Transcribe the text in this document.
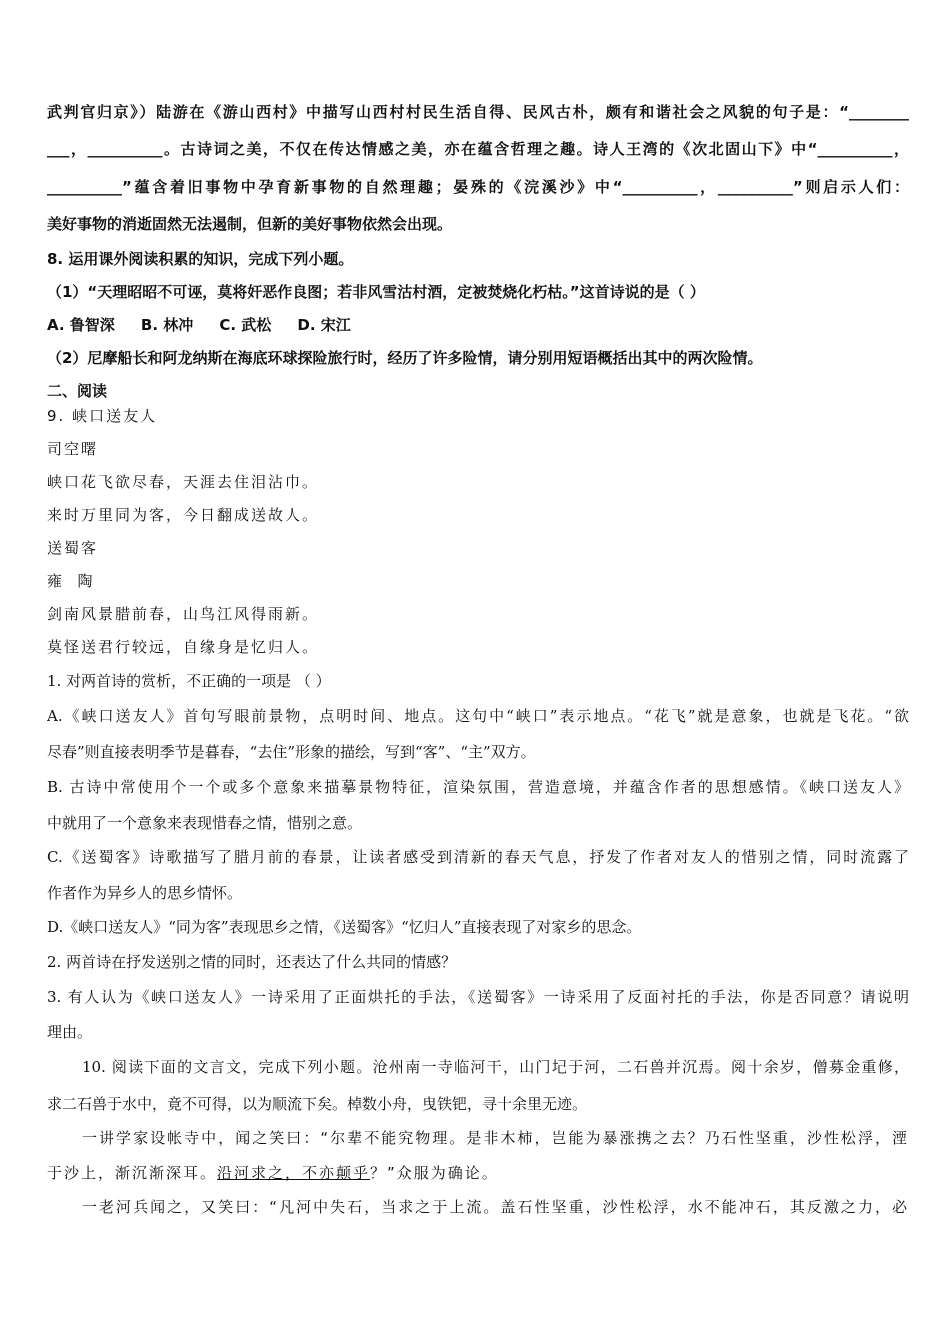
武判官归京》）陆游在《游山西村》中描写山西村村民生活自得、民风古朴，颇有和谐社会之风貌的句子是：“________
___，__________。古诗词之美，不仅在传达情感之美，亦在蕴含哲理之趣。诗人王湾的《次北固山下》中“__________，
__________”蕴含着旧事物中孕育新事物的自然理趣；晏殊的《浣溪沙》中“__________，__________”则启示人们：
美好事物的消逝固然无法遏制，但新的美好事物依然会出现。
8. 运用课外阅读积累的知识，完成下列小题。
（1）“天理昭昭不可诬，莫将奸恶作良图；若非风雪沽村酒，定被焚烧化朽枯。”这首诗说的是（ ）
A. 鲁智深     B. 林冲     C. 武松     D. 宋江
（2）尼摩船长和阿龙纳斯在海底环球探险旅行时，经历了许多险情，请分别用短语概括出其中的两次险情。
二、阅读
9. 峡口送友人
司空曙
峡口花飞欲尽春，天涯去住泪沾巾。
来时万里同为客，今日翻成送故人。
送蜀客
雍  陶
剑南风景腊前春，山鸟江风得雨新。
莫怪送君行较远，自缘身是忆归人。
1. 对两首诗的赏析，不正确的一项是 （ ）
A.《峡口送友人》首句写眼前景物，点明时间、地点。这句中“峡口”表示地点。“花飞”就是意象，也就是飞花。“欲
尽春”则直接表明季节是暮春，“去住”形象的描绘，写到“客”、“主”双方。
B. 古诗中常使用个一个或多个意象来描摹景物特征，渲染氛围，营造意境，并蕴含作者的思想感情。《峡口送友人》
中就用了一个意象来表现惜春之情，惜别之意。
C.《送蜀客》诗歌描写了腊月前的春景，让读者感受到清新的春天气息，抒发了作者对友人的惜别之情，同时流露了
作者作为异乡人的思乡情怀。
D.《峡口送友人》“同为客”表现思乡之情，《送蜀客》“忆归人”直接表现了对家乡的思念。
2. 两首诗在抒发送别之情的同时，还表达了什么共同的情感？
3. 有人认为《峡口送友人》一诗采用了正面烘托的手法，《送蜀客》一诗采用了反面衬托的手法，你是否同意？请说明
理由。
10. 阅读下面的文言文，完成下列小题。沧州南一寺临河干，山门圮于河，二石兽并沉焉。阅十余岁，僧募金重修，
求二石兽于水中，竟不可得，以为顺流下矣。棹数小舟，曳铁钯，寻十余里无迹。
一讲学家设帐寺中，闻之笑曰：“尔辈不能究物理。是非木柿，岂能为暴涨携之去？乃石性坚重，沙性松浮，湮
于沙上，渐沉渐深耳。沿河求之，不亦颠乎？”众服为确论。
一老河兵闻之，又笑曰：“凡河中失石，当求之于上流。盖石性坚重，沙性松浮，水不能冲石，其反激之力，必
